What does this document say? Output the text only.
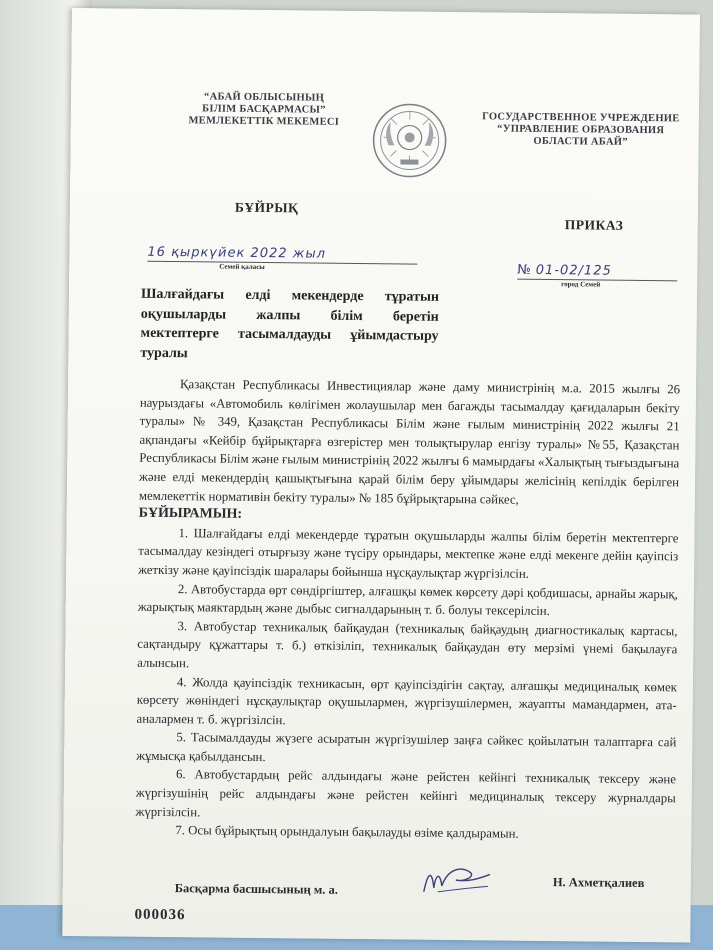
“АБАЙ ОБЛЫСЫНЫҢ
БІЛІМ БАСҚАРМАСЫ”
МЕМЛЕКЕТТІК МЕКЕМЕСІ	ГОСУДАРСТВЕННОЕ УЧРЕЖДЕНИЕ
“УПРАВЛЕНИЕ ОБРАЗОВАНИЯ
ОБЛАСТИ АБАЙ”
БҰЙРЫҚ
ПРИКАЗ
16 қыркүйек 2022 жыл
Семей қаласы	№ 01-02/125
город Семей
Шалғайдағы елді мекендерде тұратын оқушыларды жалпы білім беретін мектептерге тасымалдауды ұйымдастыру туралы

Қазақстан Республикасы Инвестициялар және даму министрінің м.а. 2015 жылғы 26 наурыздағы «Автомобиль көлігімен жолаушылар мен багажды тасымалдау қағидаларын бекіту туралы» № 349, Қазақстан Республикасы Білім және ғылым министрінің 2022 жылғы 21 ақпандағы «Кейбір бұйрықтарға өзгерістер мен толықтырулар енгізу туралы» №55, Қазақстан Республикасы Білім және ғылым министрінің 2022 жылғы 6 мамырдағы «Халықтың тығыздығына және елді мекендердің қашықтығына қарай білім беру ұйымдары желісінің кепілдік берілген мемлекеттік нормативін бекіту туралы» № 185 бұйрықтарына сәйкес,

БҰЙЫРАМЫН:

1. Шалғайдағы елді мекендерде тұратын оқушыларды жалпы білім беретін мектептерге тасымалдау кезіндегі отырғызу және түсіру орындары, мектепке және елді мекенге дейін қауіпсіз жеткізу және қауіпсіздік шаралары бойынша нұсқаулықтар жүргізілсін.

2. Автобустарда өрт сөндіргіштер, алғашқы көмек көрсету дәрі қобдишасы, арнайы жарық, жарықтық маяктардың және дыбыс сигналдарының т. б. болуы тексерілсін.

3. Автобустар техникалық байқаудан (техникалық байқаудың диагностикалық картасы, сақтандыру құжаттары т. б.) өткізіліп, техникалық байқаудан өту мерзімі үнемі бақылауға алынсын.

4. Жолда қауіпсіздік техникасын, өрт қауіпсіздігін сақтау, алғашқы медициналық көмек көрсету жөніндегі нұсқаулықтар оқушылармен, жүргізушілермен, жауапты мамандармен, ата-аналармен т. б. жүргізілсін.

5. Тасымалдауды жүзеге асыратын жүргізушілер заңға сәйкес қойылатын талаптарға сай жұмысқа қабылдансын.

6. Автобустардың рейс алдындағы және рейстен кейінгі техникалық тексеру және жүргізушінің рейс алдындағы және рейстен кейінгі медициналық тексеру журналдары жүргізілсін.

7. Осы бұйрықтың орындалуын бақылауды өзіме қалдырамын.

Басқарма басшысының м. а.	Н. Ахметқалиев
000036
